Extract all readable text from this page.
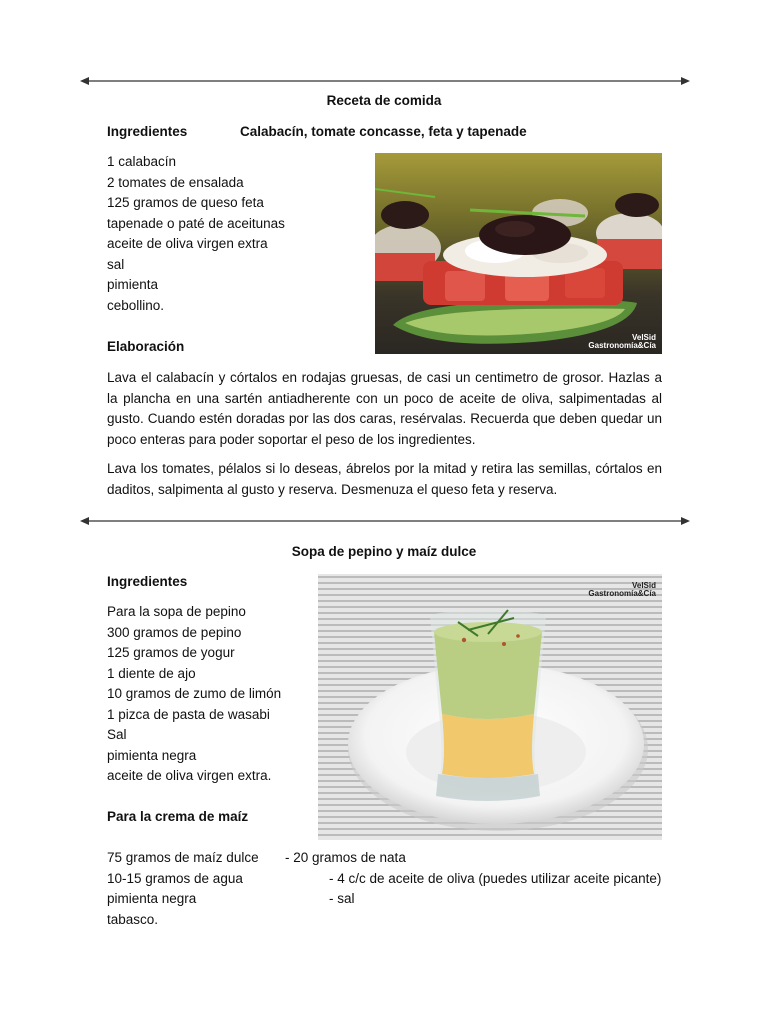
Receta de comida
Ingredientes	Calabacín, tomate concasse, feta y tapenade
1 calabacín
2 tomates de ensalada
125 gramos de queso feta
tapenade o paté de aceitunas
aceite de oliva virgen extra
sal
pimienta
cebollino.
VelSid
Gastronomía&Cía
Elaboración
Lava el calabacín y córtalos en rodajas gruesas, de casi un centimetro de grosor. Hazlas a la plancha en una sartén antiadherente con un poco de aceite de oliva, salpimentadas al gusto. Cuando estén doradas por las dos caras, resérvalas. Recuerda que deben quedar un poco enteras para poder soportar el peso de los ingredientes.
Lava los tomates, pélalos si lo deseas, ábrelos por la mitad y retira las semillas, córtalos en daditos, salpimenta al gusto y reserva. Desmenuza el queso feta y reserva.
Sopa de pepino y maíz dulce
Ingredientes
Para la sopa de pepino
300 gramos de pepino
125 gramos de yogur
1 diente de ajo
10 gramos de zumo de limón
1 pizca de pasta de wasabi
Sal
pimienta negra
aceite de oliva virgen extra.
VelSid
Gastronomía&Cía
Para la crema de maíz
75 gramos de maíz dulce
10-15 gramos de agua
pimienta negra
tabasco.
- 20 gramos de nata
- 4 c/c de aceite de oliva (puedes utilizar aceite picante)
- sal
